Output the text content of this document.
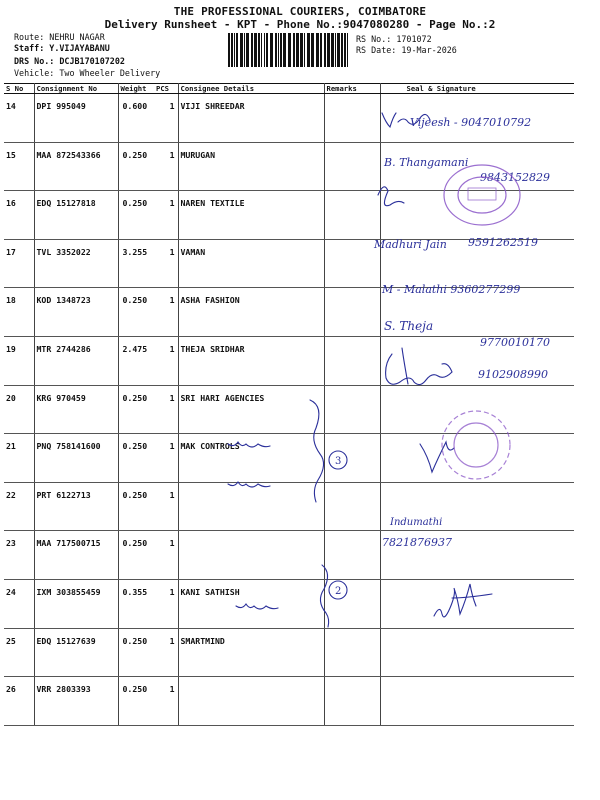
THE PROFESSIONAL COURIERS, COIMBATORE
Delivery Runsheet - KPT - Phone No.:9047080280 - Page No.:2
Route: NEHRU NAGAR
Staff: Y.VIJAYABANU
DRS No.: DCJB170107202
Vehicle: Two Wheeler Delivery
RS No.: 1701072
RS Date: 19-Mar-2026
S No	Consignment No	Weight	PCS	Consignee Details	Remarks	Seal & Signature
14	DPI 995049	0.600	1	VIJI SHREEDAR		
15	MAA 872543366	0.250	1	MURUGAN		
16	EDQ 15127818	0.250	1	NAREN TEXTILE		
17	TVL 3352022	3.255	1	VAMAN		
18	KOD 1348723	0.250	1	ASHA FASHION		
19	MTR 2744286	2.475	1	THEJA SRIDHAR		
20	KRG 970459	0.250	1	SRI HARI AGENCIES		
21	PNQ 758141600	0.250	1	MAK CONTROLS		
22	PRT 6122713	0.250	1			
23	MAA 717500715	0.250	1			
24	IXM 303855459	0.355	1	KANI SATHISH		
25	EDQ 15127639	0.250	1	SMARTMIND		
26	VRR 2803393	0.250	1			
Vijeesh - 9047010792
B. Thangamani
9843152829
Madhuri Jain 9591262519
M - Malathi 9360277299
S. Theja
9770010170
9102908990
Indumathi
7821876937
3
2
